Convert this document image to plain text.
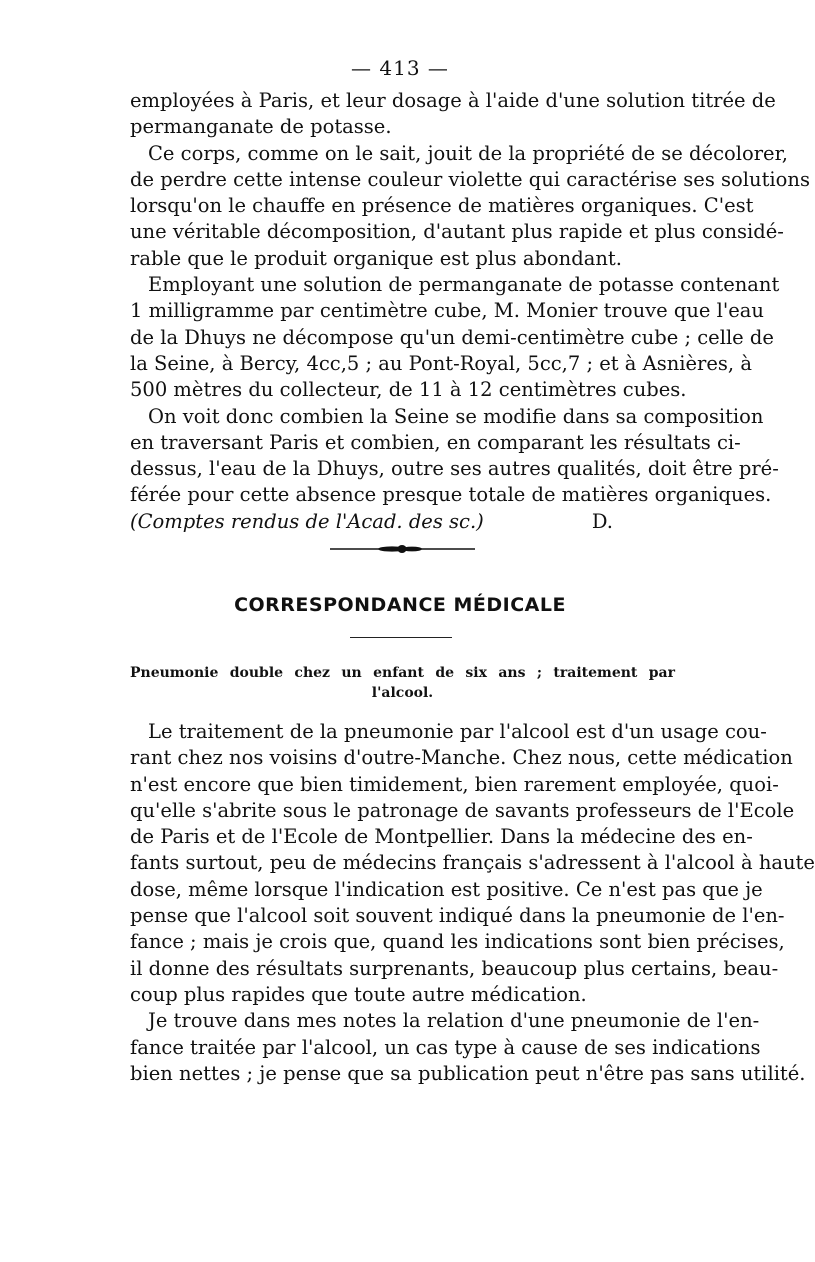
— 413 —

employées à Paris, et leur dosage à l'aide d'une solution titrée de
permanganate de potasse.

Ce corps, comme on le sait, jouit de la propriété de se décolorer,
de perdre cette intense couleur violette qui caractérise ses solutions
lorsqu'on le chauffe en présence de matières organiques. C'est
une véritable décomposition, d'autant plus rapide et plus considé-
rable que le produit organique est plus abondant.

Employant une solution de permanganate de potasse contenant
1 milligramme par centimètre cube, M. Monier trouve que l'eau
de la Dhuys ne décompose qu'un demi-centimètre cube ; celle de
la Seine, à Bercy, 4cc,5 ; au Pont-Royal, 5cc,7 ; et à Asnières, à
500 mètres du collecteur, de 11 à 12 centimètres cubes.

On voit donc combien la Seine se modifie dans sa composition
en traversant Paris et combien, en comparant les résultats ci-
dessus, l'eau de la Dhuys, outre ses autres qualités, doit être pré-
férée pour cette absence presque totale de matières organiques.

(Comptes rendus de l'Acad. des sc.)	D.
CORRESPONDANCE MÉDICALE
Pneumonie double chez un enfant de six ans ; traitement par
l'alcool.

Le traitement de la pneumonie par l'alcool est d'un usage cou-
rant chez nos voisins d'outre-Manche. Chez nous, cette médication
n'est encore que bien timidement, bien rarement employée, quoi-
qu'elle s'abrite sous le patronage de savants professeurs de l'Ecole
de Paris et de l'Ecole de Montpellier. Dans la médecine des en-
fants surtout, peu de médecins français s'adressent à l'alcool à haute
dose, même lorsque l'indication est positive. Ce n'est pas que je
pense que l'alcool soit souvent indiqué dans la pneumonie de l'en-
fance ; mais je crois que, quand les indications sont bien précises,
il donne des résultats surprenants, beaucoup plus certains, beau-
coup plus rapides que toute autre médication.

Je trouve dans mes notes la relation d'une pneumonie de l'en-
fance traitée par l'alcool, un cas type à cause de ses indications
bien nettes ; je pense que sa publication peut n'être pas sans utilité.
